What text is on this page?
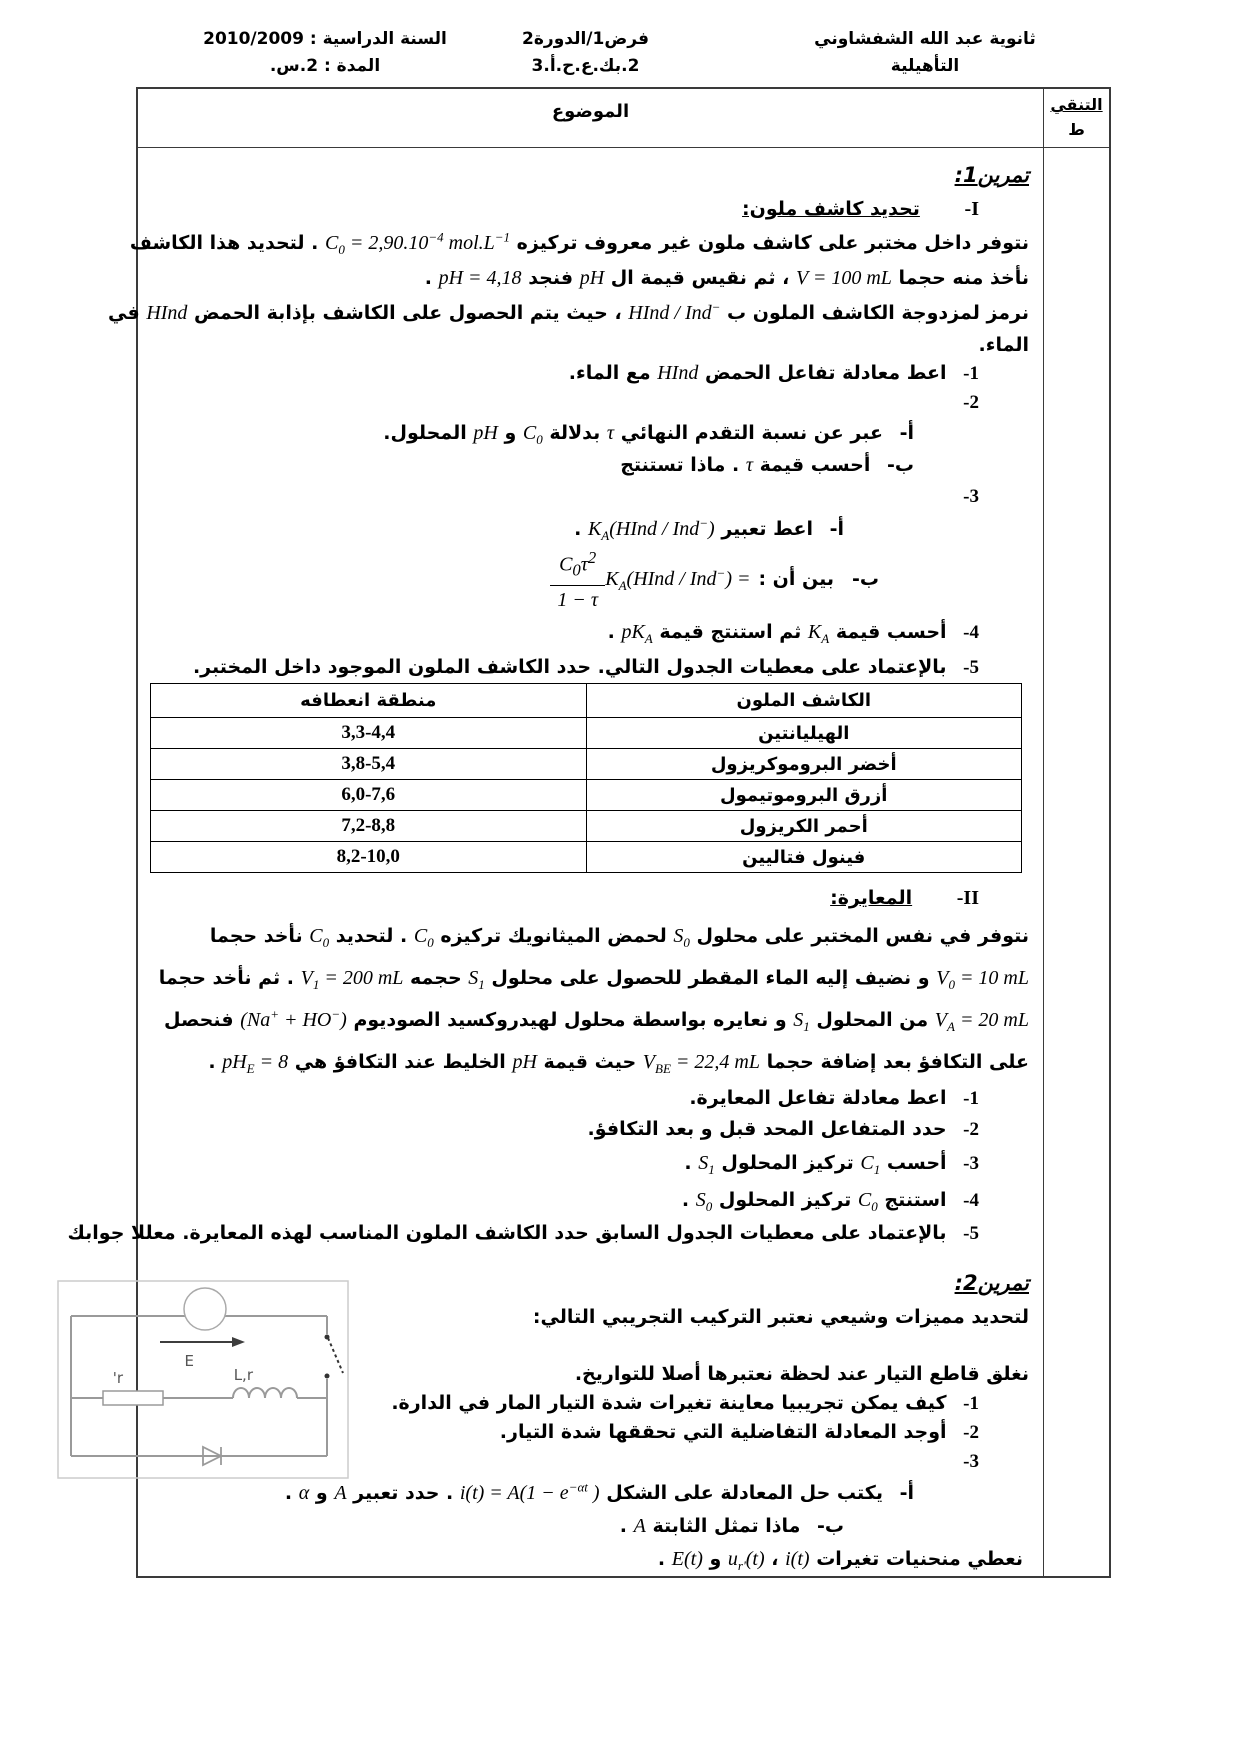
ثانوية عبد الله الشفشاوني
التأهيلية
فرض1/الدورة2
2.بك.ع.ح.أ.3
السنة الدراسية : 2010/2009
المدة : 2.س.
التنقي
ط
الموضوع
تمرين1:
I- تحديد كاشف ملون:
نتوفر داخل مختبر على كاشف ملون غير معروف تركيزه $C_0 = 2,90.10^{-4}$ $mol.L^{-1}$ . لتحديد هذا الكاشف
نأخذ منه حجما V = 100 mL ، ثم نقيس قيمة ال pH فنجد pH = 4,18 .
نرمز لمزدوجة الكاشف الملون ب HInd / Ind− ، حيث يتم الحصول على الكاشف بإذابة الحمض HInd في
الماء.
1- اعط معادلة تفاعل الحمض HInd مع الماء.
2-
أ- عبر عن نسبة التقدم النهائي τ بدلالة $C_0$ و pH المحلول.
ب- أحسب قيمة τ . ماذا تستنتج
3-
أ- اعط تعبير $K_A(HInd / Ind^-)$ .
ب-
بين أن :
$K_A(HInd / Ind^-)$ =
$\frac{C_0\tau^2}{1 - \tau}$
4- أحسب قيمة $K_A$ ثم استنتج قيمة $pK_A$ .
5- بالإعتماد على معطيات الجدول التالي. حدد الكاشف الملون الموجود داخل المختبر.
الكاشف الملون	منطقة انعطافه
الهيليانتين	3,3-4,4
أخضر البروموكريزول	3,8-5,4
أزرق البروموتيمول	6,0-7,6
أحمر الكريزول	7,2-8,8
فينول فتاليين	8,2-10,0
II- المعايرة:
نتوفر في نفس المختبر على محلول $S_0$ لحمض الميثانويك تركيزه $C_0$ . لتحديد $C_0$ نأخد حجما
$V_0 = 10$ mL و نضيف إليه الماء المقطر للحصول على محلول $S_1$ حجمه $V_1 = 200$ mL . ثم نأخد حجما
$V_A = 20$ mL من المحلول $S_1$ و نعايره بواسطة محلول لهيدروكسيد الصوديوم (Na+ + HO−) فنحصل
على التكافؤ بعد إضافة حجما $V_{BE} = 22,4$ mL حيث قيمة pH الخليط عند التكافؤ هي $pH_E = 8$ .
1- اعط معادلة تفاعل المعايرة.
2- حدد المتفاعل المحد قبل و بعد التكافؤ.
3- أحسب $C_1$ تركيز المحلول $S_1$ .
4- استنتج $C_0$ تركيز المحلول $S_0$ .
5- بالإعتماد على معطيات الجدول السابق حدد الكاشف الملون المناسب لهذه المعايرة. معللا جوابك
E
r'	L,r
تمرين2:
لتحديد مميزات وشيعي نعتبر التركيب التجريبي التالي:
نغلق قاطع التيار عند لحظة نعتبرها أصلا للتواريخ.
1- كيف يمكن تجريبيا معاينة تغيرات شدة التيار المار في الدارة.
2- أوجد المعادلة التفاضلية التي تحققها شدة التيار.
3-
أ- يكتب حل المعادلة على الشكل $i(t) = A(1 - e^{-\alpha t}$ ) . حدد تعبير A و α .
ب- ماذا تمثل الثابتة A .
نعطي منحنيات تغيرات i(t) ، $u_{r'}(t)$ و E(t) .
